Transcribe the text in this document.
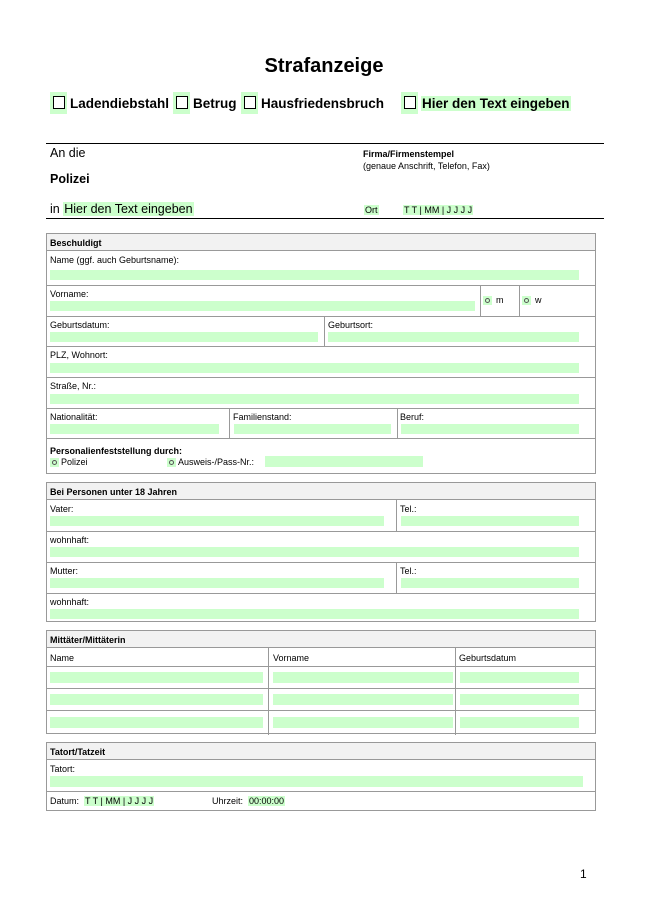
Strafanzeige
Ladendiebstahl Betrug Hausfriedensbruch	Hier den Text eingeben
An die
Polizei
in Hier den Text eingeben
Firma/Firmenstempel
(genaue Anschrift, Telefon, Fax)
Ort	T T | MM | J J J J
Beschuldigt
Name (ggf. auch Geburtsname):
Vorname:
m	w
Geburtsdatum:	Geburtsort:
PLZ, Wohnort:
Straße, Nr.:
Nationalität:	Familienstand:	Beruf:
Personalienfeststellung durch:
Polizei	Ausweis-/Pass-Nr.:
Bei Personen unter 18 Jahren
Vater:	Tel.:
wohnhaft:
Mutter:	Tel.:
wohnhaft:
Mittäter/Mittäterin
Name	Vorname	Geburtsdatum
Tatort/Tatzeit
Tatort:
Datum: T T | MM | J J J J	Uhrzeit: 00:00:00
1
